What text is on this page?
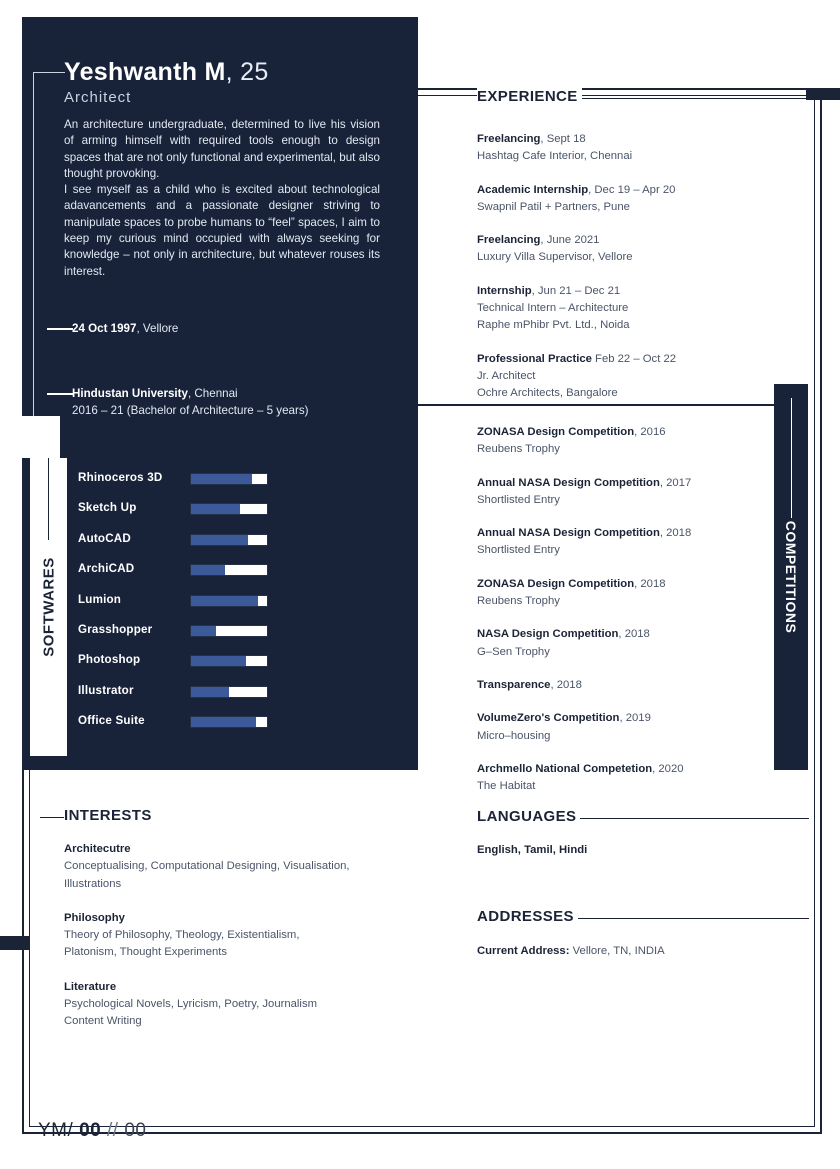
Yeshwanth M, 25
Architect

An architecture undergraduate, determined to live his vision of arming himself with required tools enough to design spaces that are not only functional and experimental, but also thought provoking.

I see myself as a child who is excited about technological adavancements and a passionate designer striving to manipulate spaces to probe humans to “feel” spaces, I aim to keep my curious mind occupied with always seeking for knowledge – not only in architecture, but whatever rouses its interest.

24 Oct 1997, Vellore
Hindustan University, Chennai
2016 – 21 (Bachelor of Architecture – 5 years)
SOFTWARES
Rhinoceros 3D
Sketch Up
AutoCAD
ArchiCAD
Lumion
Grasshopper
Photoshop
Illustrator
Office Suite
EXPERIENCE
Freelancing, Sept 18
Hashtag Cafe Interior, Chennai
Academic Internship, Dec 19 – Apr 20
Swapnil Patil + Partners, Pune
Freelancing, June 2021
Luxury Villa Supervisor, Vellore
Internship, Jun 21 – Dec 21
Technical Intern – Architecture
Raphe mPhibr Pvt. Ltd., Noida
Professional Practice Feb 22 – Oct 22
Jr. Architect
Ochre Architects, Bangalore
COMPETITIONS
ZONASA Design Competition, 2016
Reubens Trophy
Annual NASA Design Competition, 2017
Shortlisted Entry
Annual NASA Design Competition, 2018
Shortlisted Entry
ZONASA Design Competition, 2018
Reubens Trophy
NASA Design Competition, 2018
G–Sen Trophy
Transparence, 2018
VolumeZero's Competition, 2019
Micro–housing
Archmello National Competetion, 2020
The Habitat
INTERESTS
Architecutre
Conceptualising, Computational Designing, Visualisation,
Illustrations
Philosophy
Theory of Philosophy, Theology, Existentialism,
Platonism, Thought Experiments
Literature
Psychological Novels, Lyricism, Poetry, Journalism
Content Writing
LANGUAGES
English, Tamil, Hindi
ADDRESSES
Current Address: Vellore, TN, INDIA
YM/ 00 // 00
